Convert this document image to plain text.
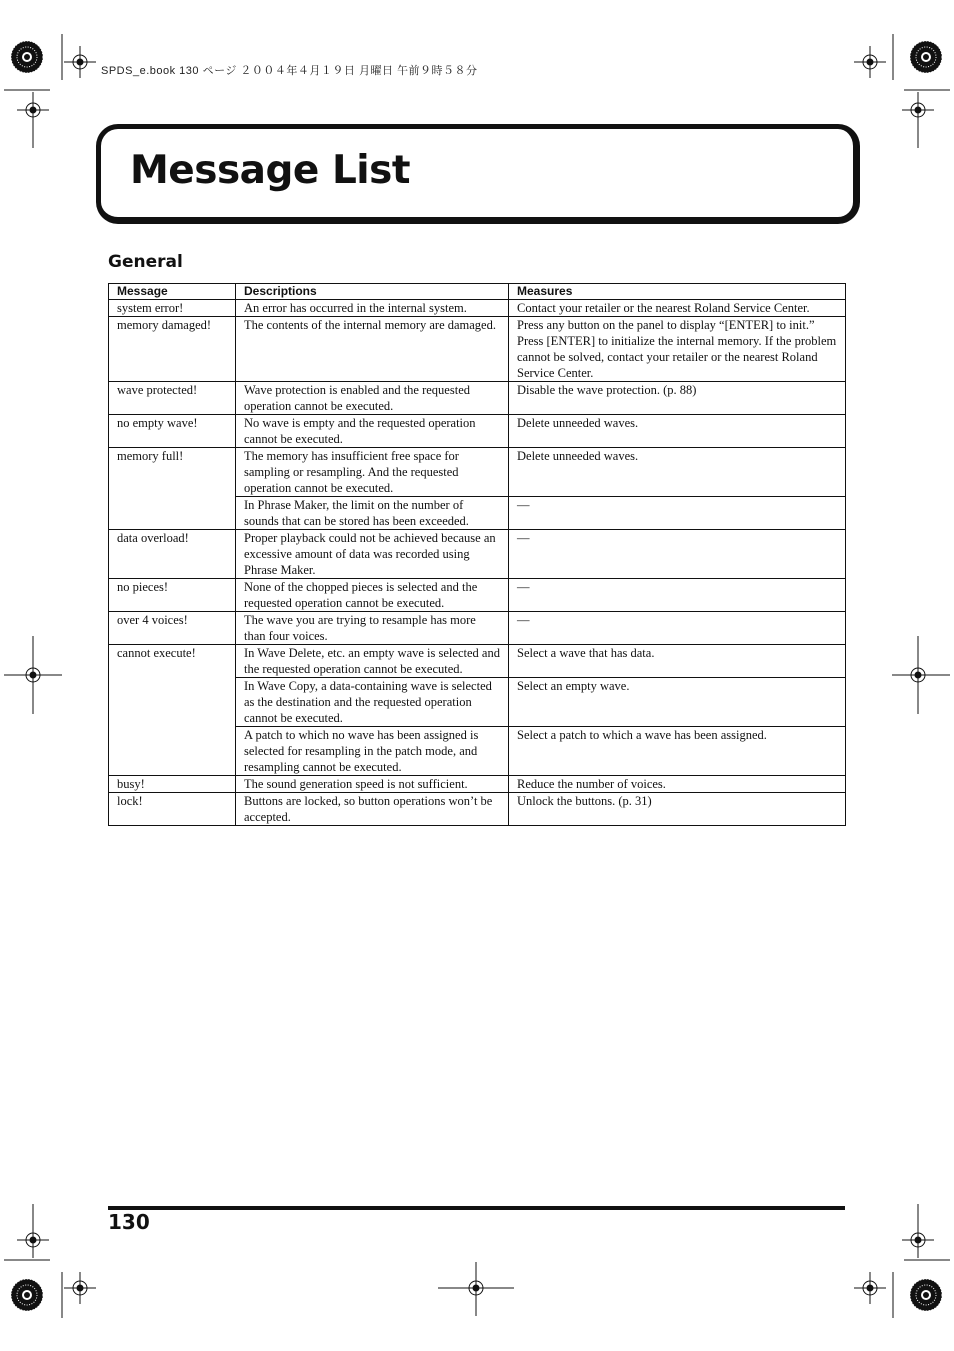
SPDS_e.book 130 ページ ２００４年４月１９日 月曜日 午前９時５８分
Message List
General
Message	Descriptions	Measures
system error!	An error has occurred in the internal system.	Contact your retailer or the nearest Roland Service Center.
memory damaged!	The contents of the internal memory are damaged.	Press any button on the panel to display “[ENTER] to init.” Press [ENTER] to initialize the internal memory. If the problem cannot be solved, contact your retailer or the nearest Roland Service Center.
wave protected!	Wave protection is enabled and the requested operation cannot be executed.	Disable the wave protection. (p. 88)
no empty wave!	No wave is empty and the requested operation cannot be executed.	Delete unneeded waves.
memory full!	The memory has insufficient free space for sampling or resampling. And the requested operation cannot be executed.	Delete unneeded waves.
	In Phrase Maker, the limit on the number of sounds that can be stored has been exceeded.	—
data overload!	Proper playback could not be achieved because an excessive amount of data was recorded using Phrase Maker.	—
no pieces!	None of the chopped pieces is selected and the requested operation cannot be executed.	—
over 4 voices!	The wave you are trying to resample has more than four voices.	—
cannot execute!	In Wave Delete, etc. an empty wave is selected and the requested operation cannot be executed.	Select a wave that has data.
	In Wave Copy, a data-containing wave is selected as the destination and the requested operation cannot be executed.	Select an empty wave.
	A patch to which no wave has been assigned is selected for resampling in the patch mode, and resampling cannot be executed.	Select a patch to which a wave has been assigned.
busy!	The sound generation speed is not sufficient.	Reduce the number of voices.
lock!	Buttons are locked, so button operations won’t be accepted.	Unlock the buttons. (p. 31)
130
